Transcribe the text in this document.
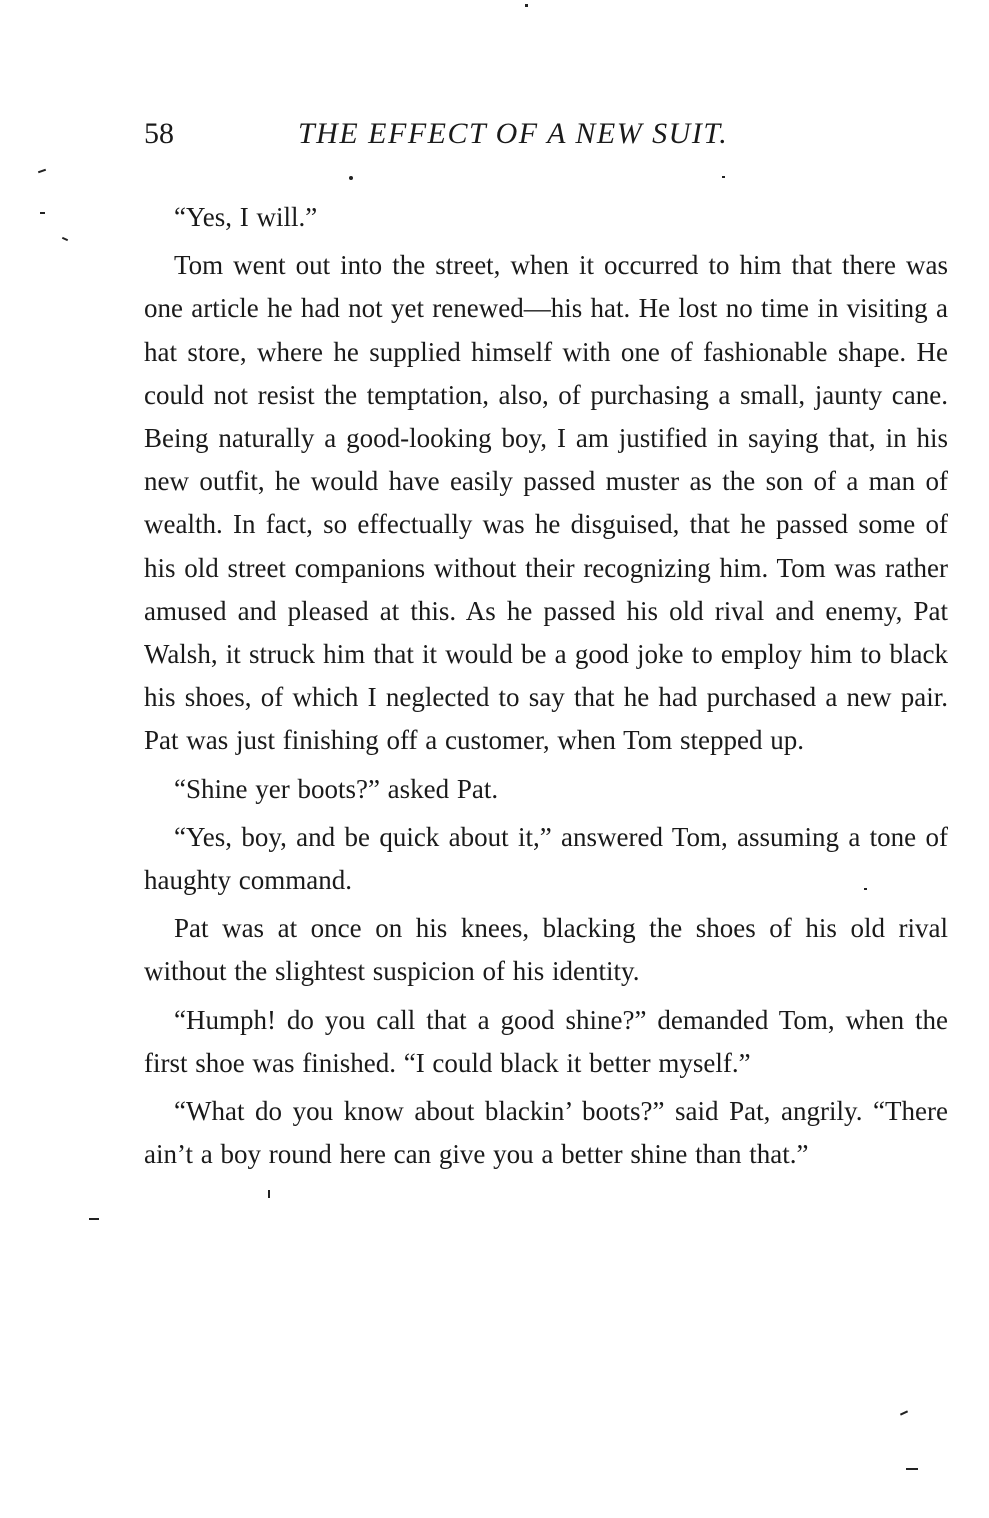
58	THE EFFECT OF A NEW SUIT.

“Yes, I will.”

Tom went out into the street, when it occurred to him that there was one article he had not yet renewed—his hat. He lost no time in visiting a hat store, where he supplied himself with one of fashionable shape. He could not resist the temptation, also, of purchasing a small, jaunty cane. Being naturally a good-looking boy, I am justified in saying that, in his new outfit, he would have easily passed muster as the son of a man of wealth. In fact, so effectually was he disguised, that he passed some of his old street companions without their recognizing him. Tom was rather amused and pleased at this. As he passed his old rival and enemy, Pat Walsh, it struck him that it would be a good joke to employ him to black his shoes, of which I neglected to say that he had purchased a new pair. Pat was just finishing off a customer, when Tom stepped up.

“Shine yer boots?” asked Pat.

“Yes, boy, and be quick about it,” answered Tom, assuming a tone of haughty command.

Pat was at once on his knees, blacking the shoes of his old rival without the slightest suspicion of his identity.

“Humph! do you call that a good shine?” demanded Tom, when the first shoe was finished. “I could black it better myself.”

“What do you know about blackin’ boots?” said Pat, angrily. “There ain’t a boy round here can give you a better shine than that.”
